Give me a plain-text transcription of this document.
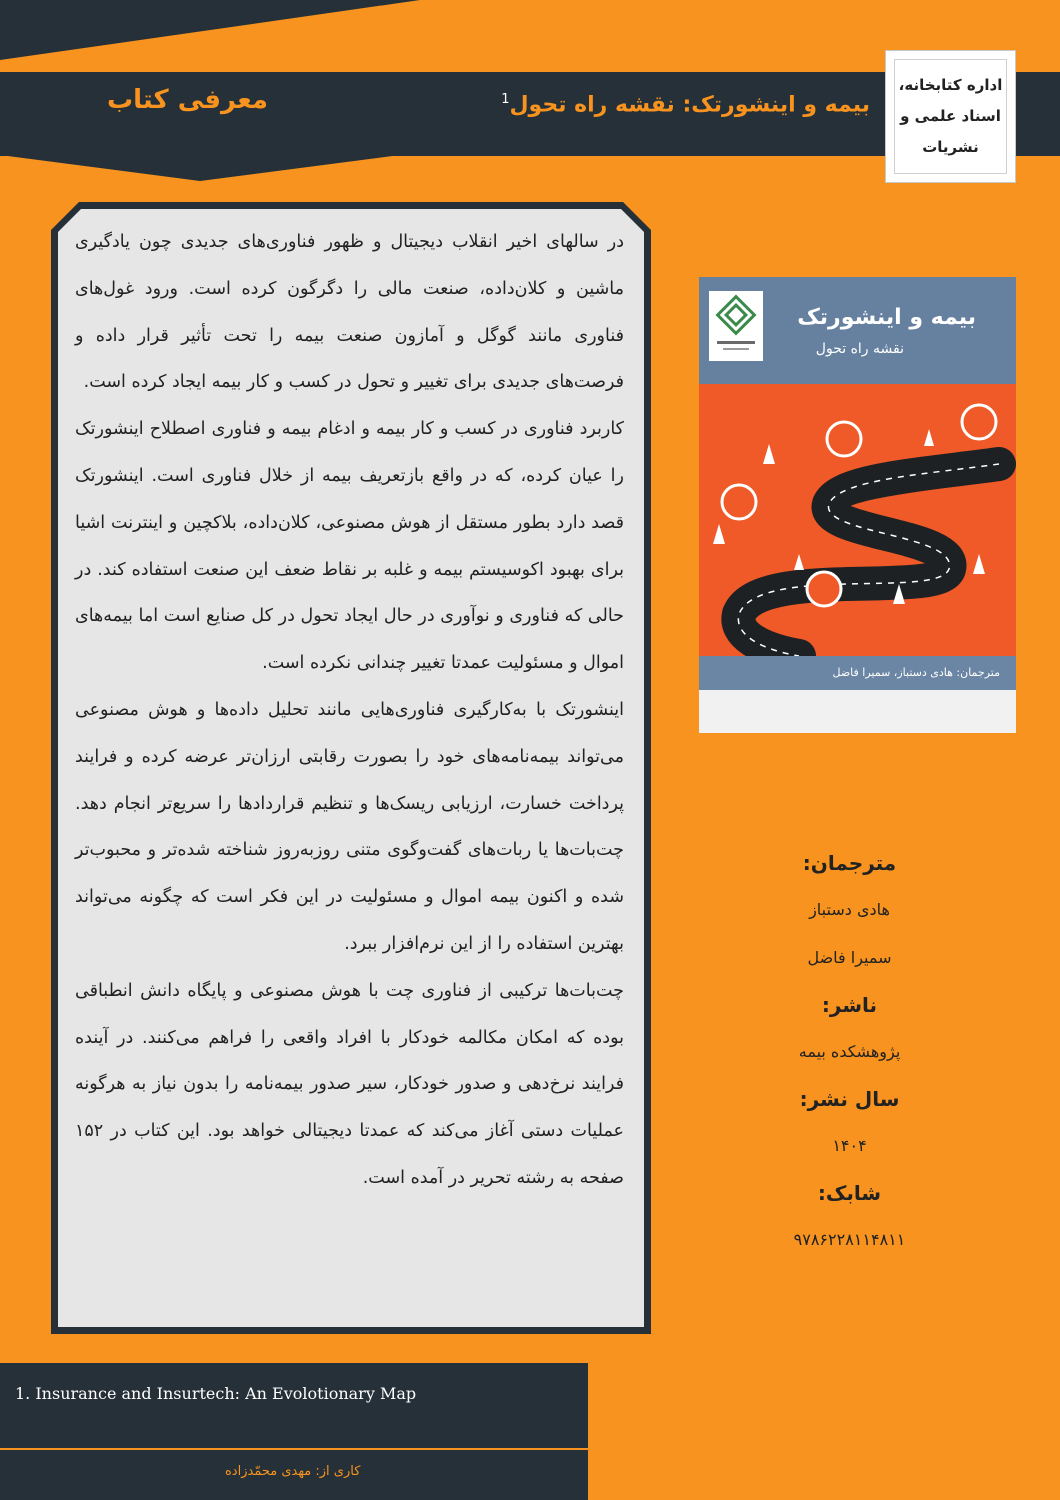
معرفی کتاب	بیمه و اینشورتک: نقشه راه تحول$^1$
اداره کتابخانه،
اسناد علمی و
نشریات

در سالهای اخیر انقلاب دیجیتال و ظهور فناوری‌های جدیدی چون یادگیری ماشین و کلان‌داده، صنعت مالی را دگرگون کرده است. ورود غول‌های فناوری مانند گوگل و آمازون صنعت بیمه را تحت تأثیر قرار داده و فرصت‌های جدیدی برای تغییر و تحول در کسب و کار بیمه ایجاد کرده است.

کاربرد فناوری در کسب و کار بیمه و ادغام بیمه و فناوری اصطلاح اینشورتک را عیان کرده، که در واقع بازتعریف بیمه از خلال فناوری است. اینشورتک قصد دارد بطور مستقل از هوش مصنوعی، کلان‌داده، بلاکچین و اینترنت اشیا برای بهبود اکوسیستم بیمه و غلبه بر نقاط ضعف این صنعت استفاده کند. در حالی که فناوری و نوآوری در حال ایجاد تحول در کل صنایع است اما بیمه‌های اموال و مسئولیت عمدتا تغییر چندانی نکرده است.

اینشورتک با به‌کارگیری فناوری‌هایی مانند تحلیل داده‌ها و هوش مصنوعی می‌تواند بیمه‌نامه‌های خود را بصورت رقابتی ارزان‌تر عرضه کرده و فرایند پرداخت خسارت، ارزیابی ریسک‌ها و تنظیم قراردادها را سریع‌تر انجام دهد. چت‌بات‌ها یا ربات‌های گفت‌وگوی متنی روزبه‌روز شناخته شده‌تر و محبوب‌تر شده و اکنون بیمه اموال و مسئولیت در این فکر است که چگونه می‌تواند بهترین استفاده را از این نرم‌افزار ببرد.

چت‌بات‌ها ترکیبی از فناوری چت با هوش مصنوعی و پایگاه دانش انطباقی بوده که امکان مکالمه خودکار با افراد واقعی را فراهم می‌کنند. در آینده فرایند نرخ‌دهی و صدور خودکار، سیر صدور بیمه‌نامه را بدون نیاز به هرگونه عملیات دستی آغاز می‌کند که عمدتا دیجیتالی خواهد بود. این کتاب در ۱۵۲ صفحه به رشته تحریر در آمده است.

بیمه و اینشورتک
نقشه راه تحول
مترجمان: هادی دستباز، سمیرا فاضل
مترجمان:
هادی دستباز
سمیرا فاضل
ناشر:
پژوهشکده بیمه
سال نشر:
۱۴۰۴
شابک:
۹۷۸۶۲۲۸۱۱۴۸۱۱
1. Insurance and Insurtech: An Evolotionary Map
کاری از: مهدی محمّدزاده
